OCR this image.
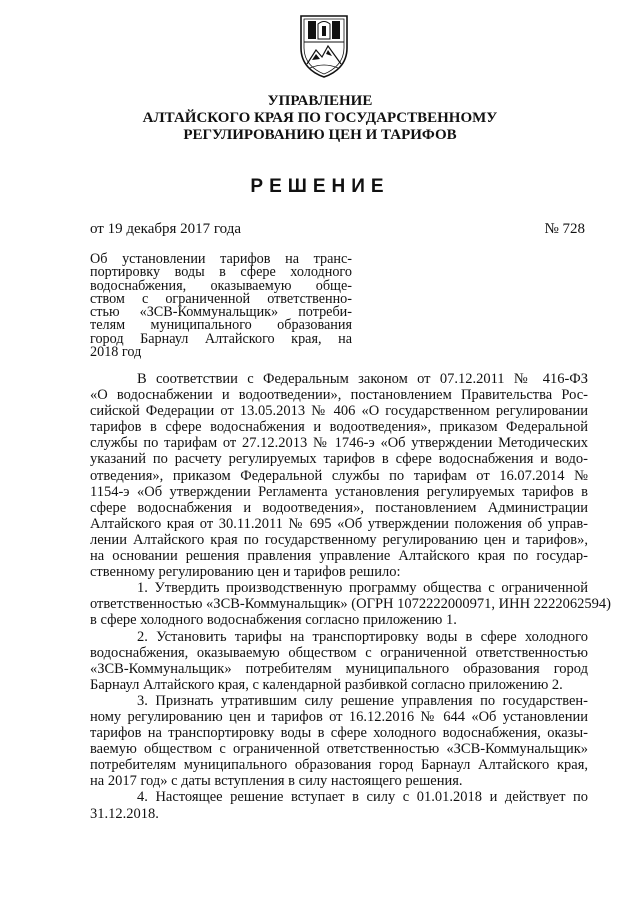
УПРАВЛЕНИЕ
АЛТАЙСКОГО КРАЯ ПО ГОСУДАРСТВЕННОМУ
РЕГУЛИРОВАНИЮ ЦЕН И ТАРИФОВ
РЕШЕНИЕ
от 19 декабря 2017 года	№ 728
Об установлении тарифов на транс-
портировку воды в сфере холодного
водоснабжения, оказываемую обще-
ством с ограниченной ответственно-
стью «ЗСВ-Коммунальщик» потреби-
телям муниципального образования
город Барнаул Алтайского края, на
2018 год
В соответствии с Федеральным законом от 07.12.2011 № 416-ФЗ
«О водоснабжении и водоотведении», постановлением Правительства Рос-
сийской Федерации от 13.05.2013 № 406 «О государственном регулировании
тарифов в сфере водоснабжения и водоотведения», приказом Федеральной
службы по тарифам от 27.12.2013 № 1746-э «Об утверждении Методических
указаний по расчету регулируемых тарифов в сфере водоснабжения и водо-
отведения», приказом Федеральной службы по тарифам от 16.07.2014 №
1154-э «Об утверждении Регламента установления регулируемых тарифов в
сфере водоснабжения и водоотведения», постановлением Администрации
Алтайского края от 30.11.2011 № 695 «Об утверждении положения об управ-
лении Алтайского края по государственному регулированию цен и тарифов»,
на основании решения правления управление Алтайского края по государ-
ственному регулированию цен и тарифов решило:
1. Утвердить производственную программу общества с ограниченной
ответственностью «ЗСВ-Коммунальщик» (ОГРН 1072222000971, ИНН 2222062594)
в сфере холодного водоснабжения согласно приложению 1.
2. Установить тарифы на транспортировку воды в сфере холодного
водоснабжения, оказываемую обществом с ограниченной ответственностью
«ЗСВ-Коммунальщик» потребителям муниципального образования город
Барнаул Алтайского края, с календарной разбивкой согласно приложению 2.
3. Признать утратившим силу решение управления по государствен-
ному регулированию цен и тарифов от 16.12.2016 № 644 «Об установлении
тарифов на транспортировку воды в сфере холодного водоснабжения, оказы-
ваемую обществом с ограниченной ответственностью «ЗСВ-Коммунальщик»
потребителям муниципального образования город Барнаул Алтайского края,
на 2017 год» с даты вступления в силу настоящего решения.
4. Настоящее решение вступает в силу с 01.01.2018 и действует по
31.12.2018.
